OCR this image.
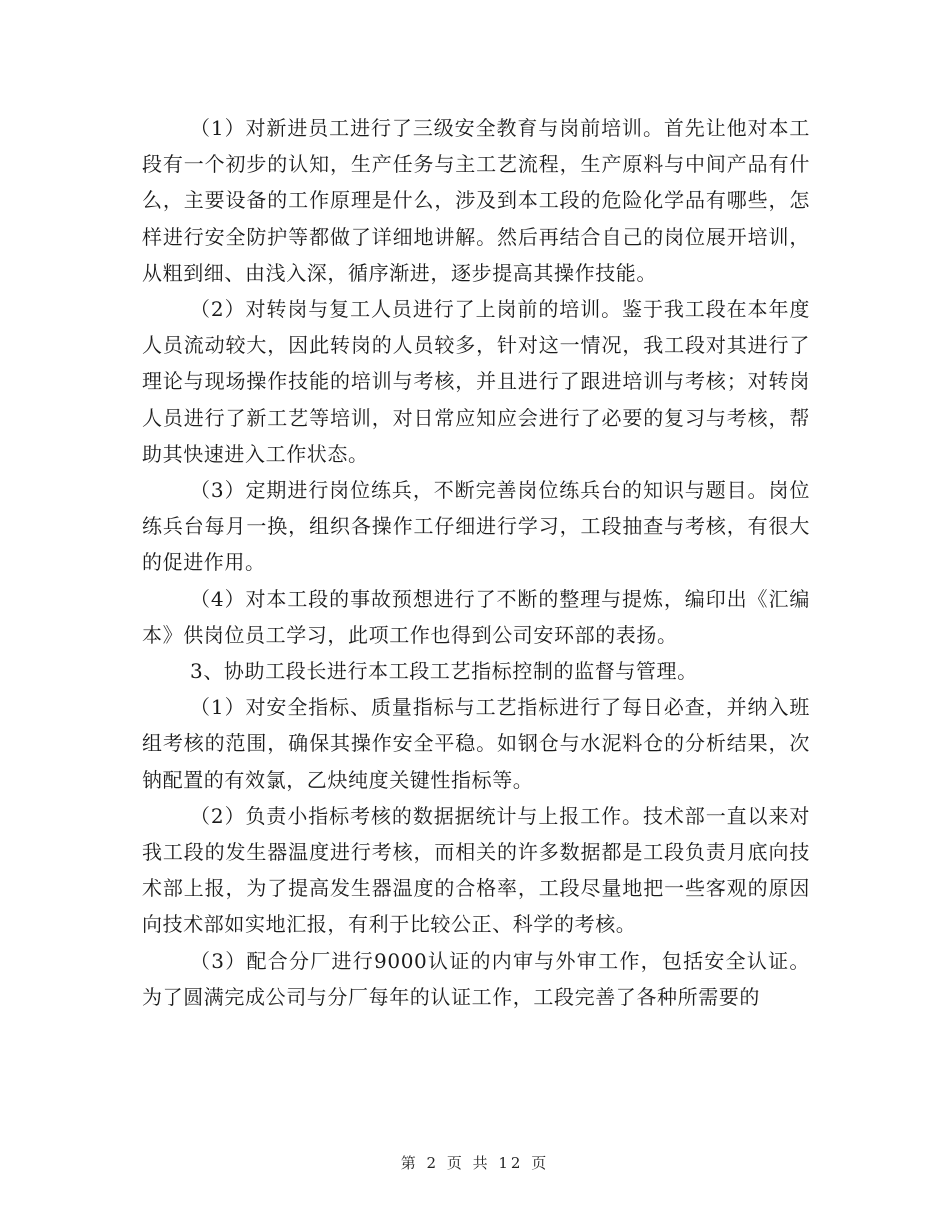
（1）对新进员工进行了三级安全教育与岗前培训。首先让他对本工段有一个初步的认知，生产任务与主工艺流程，生产原料与中间产品有什么，主要设备的工作原理是什么，涉及到本工段的危险化学品有哪些，怎样进行安全防护等都做了详细地讲解。然后再结合自己的岗位展开培训，从粗到细、由浅入深，循序渐进，逐步提高其操作技能。

（2）对转岗与复工人员进行了上岗前的培训。鉴于我工段在本年度人员流动较大，因此转岗的人员较多，针对这一情况，我工段对其进行了理论与现场操作技能的培训与考核，并且进行了跟进培训与考核；对转岗人员进行了新工艺等培训，对日常应知应会进行了必要的复习与考核，帮助其快速进入工作状态。

（3）定期进行岗位练兵，不断完善岗位练兵台的知识与题目。岗位练兵台每月一换，组织各操作工仔细进行学习，工段抽查与考核，有很大的促进作用。

（4）对本工段的事故预想进行了不断的整理与提炼，编印出《汇编本》供岗位员工学习，此项工作也得到公司安环部的表扬。

3、协助工段长进行本工段工艺指标控制的监督与管理。

（1）对安全指标、质量指标与工艺指标进行了每日必查，并纳入班组考核的范围，确保其操作安全平稳。如钢仓与水泥料仓的分析结果，次钠配置的有效氯，乙炔纯度关键性指标等。

（2）负责小指标考核的数据据统计与上报工作。技术部一直以来对我工段的发生器温度进行考核，而相关的许多数据都是工段负责月底向技术部上报，为了提高发生器温度的合格率，工段尽量地把一些客观的原因向技术部如实地汇报，有利于比较公正、科学的考核。

（3）配合分厂进行9000认证的内审与外审工作，包括安全认证。为了圆满完成公司与分厂每年的认证工作，工段完善了各种所需要的

第 2 页 共 12 页
